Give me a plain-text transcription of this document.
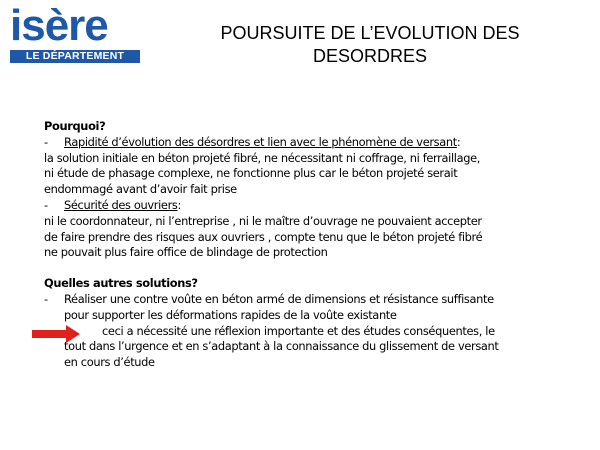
isère
LE DÉPARTEMENT
POURSUITE DE L’EVOLUTION DES
DESORDRES

Pourquoi?

- Rapidité d’évolution des désordres et lien avec le phénomène de versant:

la solution initiale en béton projeté fibré, ne nécessitant ni coffrage, ni ferraillage,

ni étude de phasage complexe, ne fonctionne plus car le béton projeté serait

endommagé avant d’avoir fait prise

- Sécurité des ouvriers:

ni le coordonnateur, ni l’entreprise , ni le maître d’ouvrage ne pouvaient accepter

de faire prendre des risques aux ouvriers , compte tenu que le béton projeté fibré

ne pouvait plus faire office de blindage de protection

Quelles autres solutions?

- Réaliser une contre voûte en béton armé de dimensions et résistance suffisante

pour supporter les déformations rapides de la voûte existante

ceci a nécessité une réflexion importante et des études conséquentes, le

tout dans l’urgence et en s’adaptant à la connaissance du glissement de versant

en cours d’étude
